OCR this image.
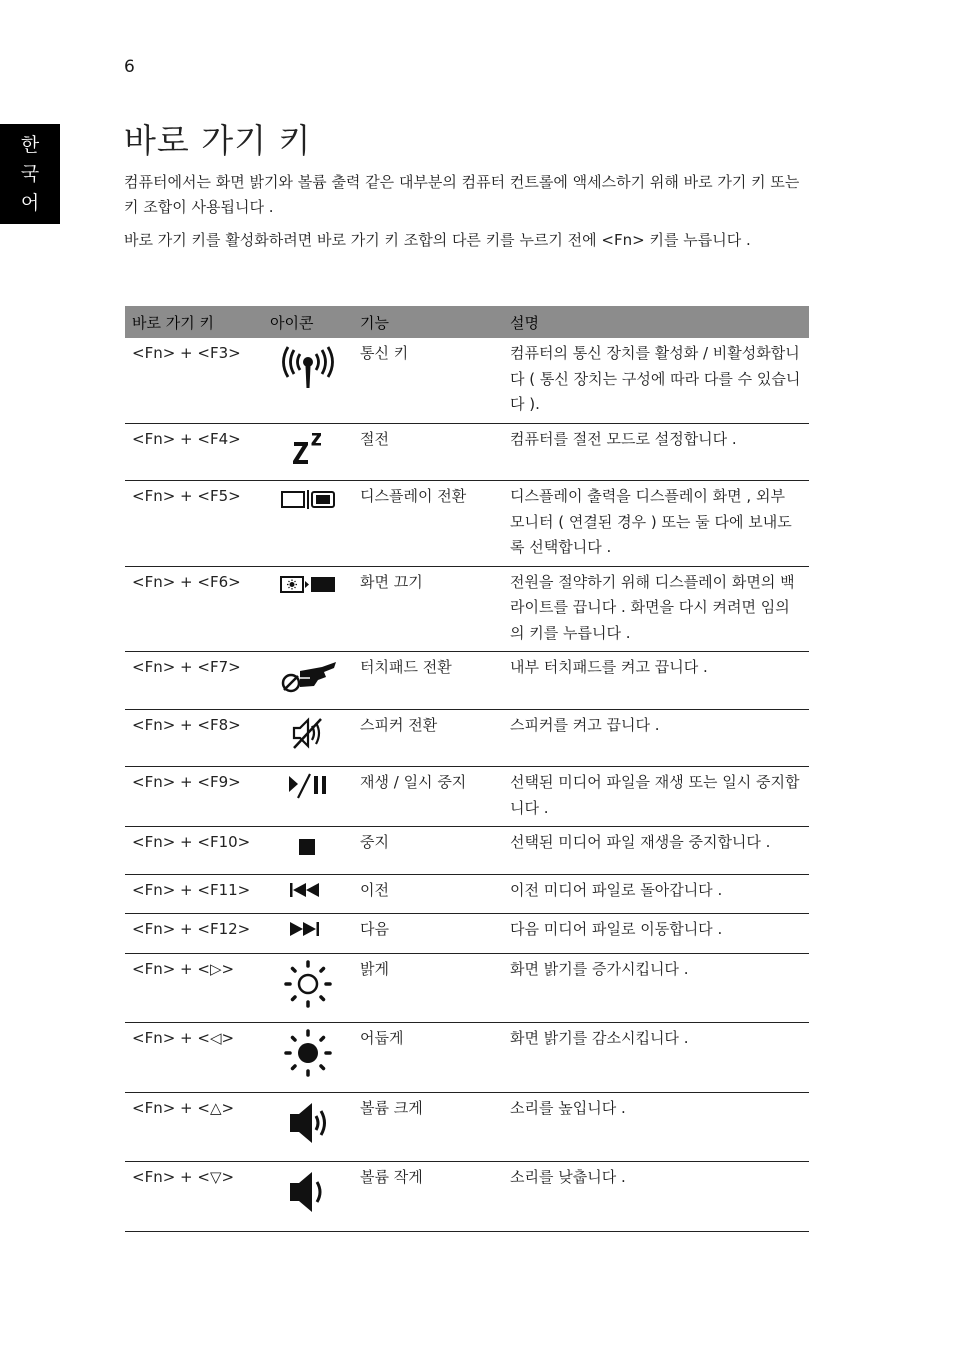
6
한
국
어
바로 가기 키

컴퓨터에서는 화면 밝기와 볼륨 출력 같은 대부분의 컴퓨터 컨트롤에 액세스하기 위해 바로 가기 키 또는 키 조합이 사용됩니다 .

바로 가기 키를 활성화하려면 바로 가기 키 조합의 다른 키를 누르기 전에 <Fn> 키를 누릅니다 .

바로 가기 키	아이콘	기능	설명
<Fn> + <F3>		통신 키	컴퓨터의 통신 장치를 활성화 / 비활성화합니다 ( 통신 장치는 구성에 따라 다를 수 있습니다 ).
<Fn> + <F4>		절전	컴퓨터를 절전 모드로 설정합니다 .
<Fn> + <F5>		디스플레이 전환	디스플레이 출력을 디스플레이 화면 , 외부 모니터 ( 연결된 경우 ) 또는 둘 다에 보내도록 선택합니다 .
<Fn> + <F6>		화면 끄기	전원을 절약하기 위해 디스플레이 화면의 백라이트를 끕니다 . 화면을 다시 켜려면 임의의 키를 누릅니다 .
<Fn> + <F7>		터치패드 전환	내부 터치패드를 켜고 끕니다 .
<Fn> + <F8>		스피커 전환	스피커를 켜고 끕니다 .
<Fn> + <F9>		재생 / 일시 중지	선택된 미디어 파일을 재생 또는 일시 중지합니다 .
<Fn> + <F10>		중지	선택된 미디어 파일 재생을 중지합니다 .
<Fn> + <F11>		이전	이전 미디어 파일로 돌아갑니다 .
<Fn> + <F12>		다음	다음 미디어 파일로 이동합니다 .
<Fn> + <▷>		밝게	화면 밝기를 증가시킵니다 .
<Fn> + <◁>		어둡게	화면 밝기를 감소시킵니다 .
<Fn> + <△>		볼륨 크게	소리를 높입니다 .
<Fn> + <▽>		볼륨 작게	소리를 낮춥니다 .
